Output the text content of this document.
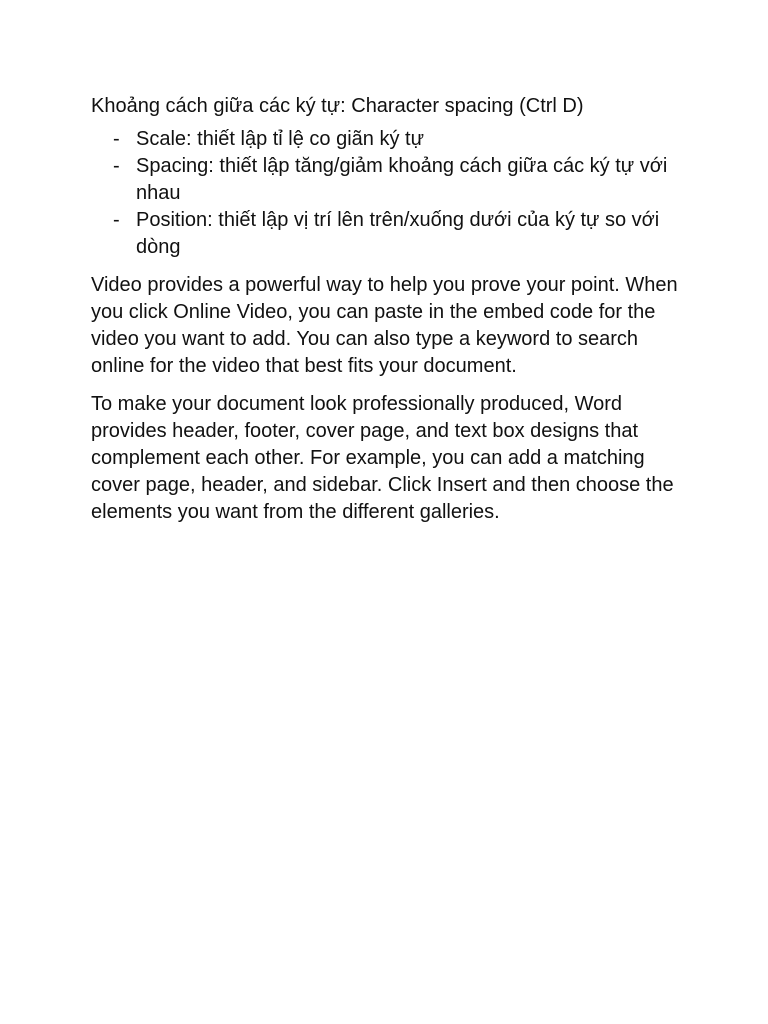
Khoảng cách giữa các ký tự: Character spacing (Ctrl D)

- Scale: thiết lập tỉ lệ co giãn ký tự
- Spacing: thiết lập tăng/giảm khoảng cách giữa các ký tự với nhau
- Position: thiết lập vị trí lên trên/xuống dưới của ký tự so với dòng

Video provides a powerful way to help you prove your point. When you click Online Video, you can paste in the embed code for the video you want to add. You can also type a keyword to search online for the video that best fits your document.

To make your document look professionally produced, Word provides header, footer, cover page, and text box designs that complement each other. For example, you can add a matching cover page, header, and sidebar. Click Insert and then choose the elements you want from the different galleries.
